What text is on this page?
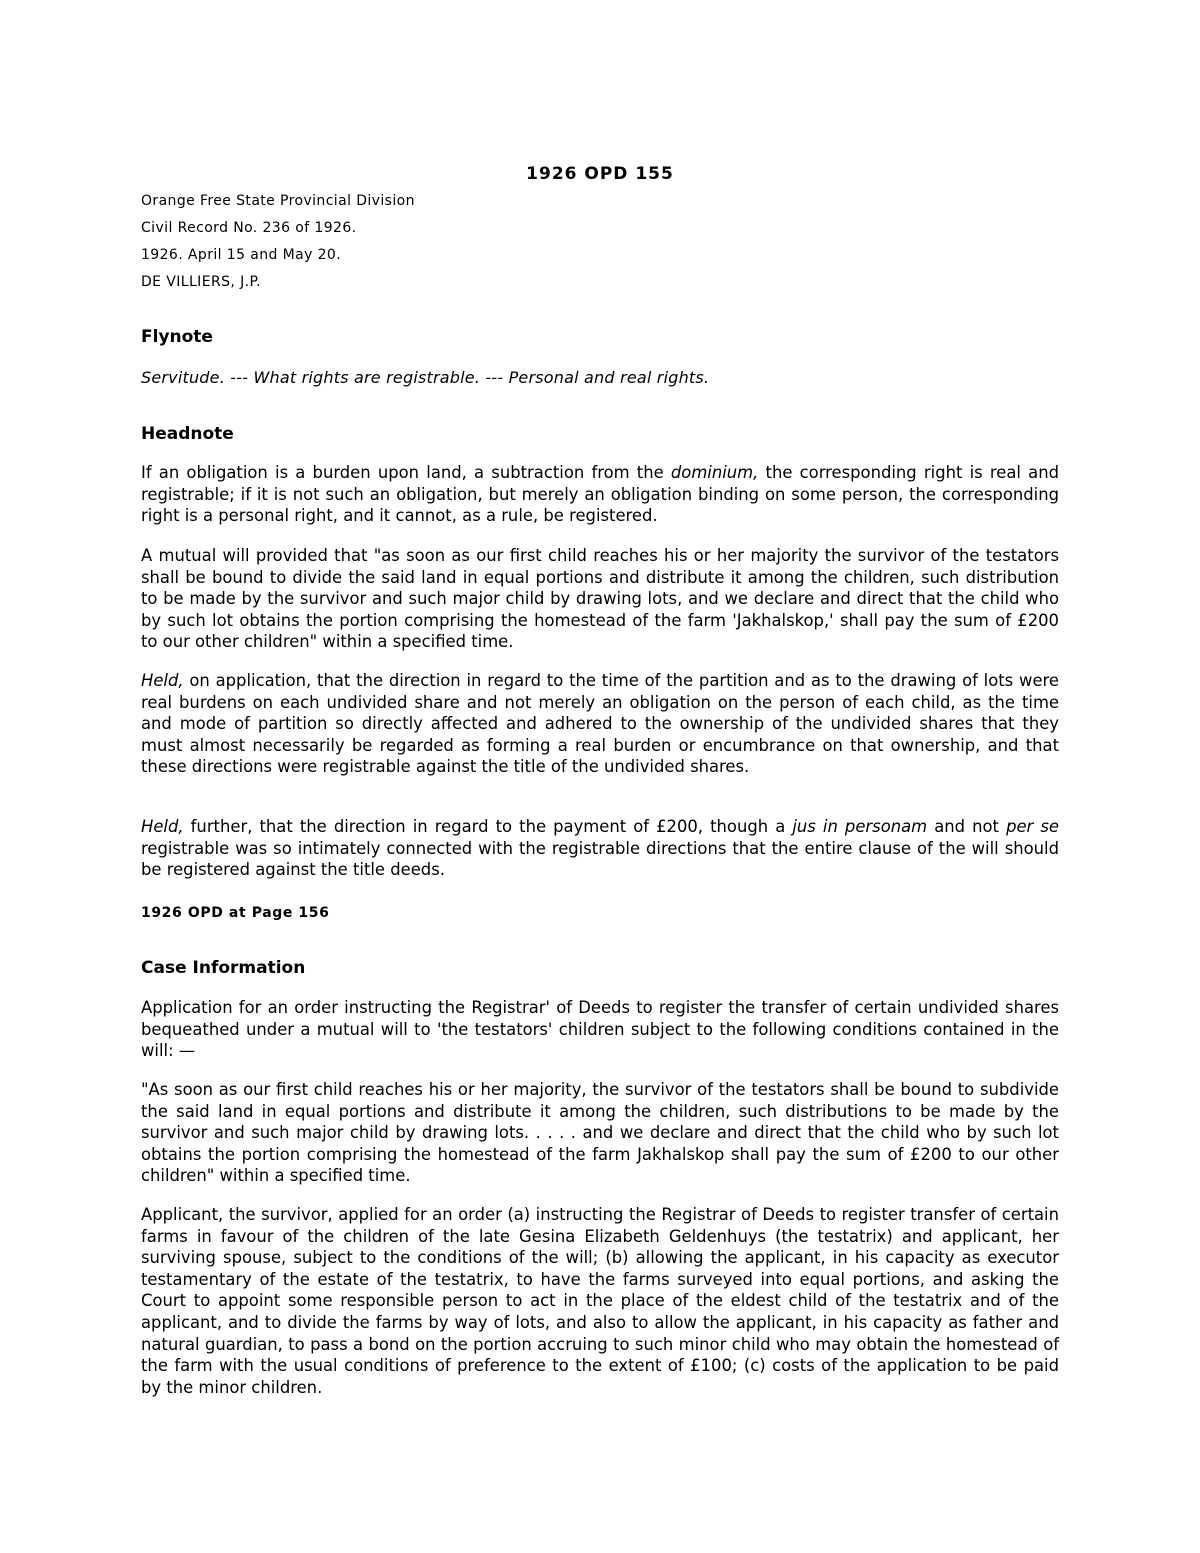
1926 OPD 155
Orange Free State Provincial Division
Civil Record No. 236 of 1926.
1926. April 15 and May 20.
DE VILLIERS, J.P.
Flynote
Servitude. --- What rights are registrable. --- Personal and real rights.
Headnote

If an obligation is a burden upon land, a subtraction from the dominium, the corresponding right is real and registrable; if it is not such an obligation, but merely an obligation binding on some person, the corresponding right is a personal right, and it cannot, as a rule, be registered.

A mutual will provided that "as soon as our first child reaches his or her majority the survivor of the testators shall be bound to divide the said land in equal portions and distribute it among the children, such distribution to be made by the survivor and such major child by drawing lots, and we declare and direct that the child who by such lot obtains the portion comprising the homestead of the farm 'Jakhalskop,' shall pay the sum of £200 to our other children" within a specified time.

Held, on application, that the direction in regard to the time of the partition and as to the drawing of lots were real burdens on each undivided share and not merely an obligation on the person of each child, as the time and mode of partition so directly affected and adhered to the ownership of the undivided shares that they must almost necessarily be regarded as forming a real burden or encumbrance on that ownership, and that these directions were registrable against the title of the undivided shares.

Held, further, that the direction in regard to the payment of £200, though a jus in personam and not per se registrable was so intimately connected with the registrable directions that the entire clause of the will should be registered against the title deeds.

1926 OPD at Page 156
Case Information

Application for an order instructing the Registrar' of Deeds to register the transfer of certain undivided shares bequeathed under a mutual will to 'the testators' children subject to the following conditions contained in the will: —

"As soon as our first child reaches his or her majority, the survivor of the testators shall be bound to subdivide the said land in equal portions and distribute it among the children, such distributions to be made by the survivor and such major child by drawing lots. . . . . and we declare and direct that the child who by such lot obtains the portion comprising the homestead of the farm Jakhalskop shall pay the sum of £200 to our other children" within a specified time.

Applicant, the survivor, applied for an order (a) instructing the Registrar of Deeds to register transfer of certain farms in favour of the children of the late Gesina Elizabeth Geldenhuys (the testatrix) and applicant, her surviving spouse, subject to the conditions of the will; (b) allowing the applicant, in his capacity as executor testamentary of the estate of the testatrix, to have the farms surveyed into equal portions, and asking the Court to appoint some responsible person to act in the place of the eldest child of the testatrix and of the applicant, and to divide the farms by way of lots, and also to allow the applicant, in his capacity as father and natural guardian, to pass a bond on the portion accruing to such minor child who may obtain the homestead of the farm with the usual conditions of preference to the extent of £100; (c) costs of the application to be paid by the minor children.
